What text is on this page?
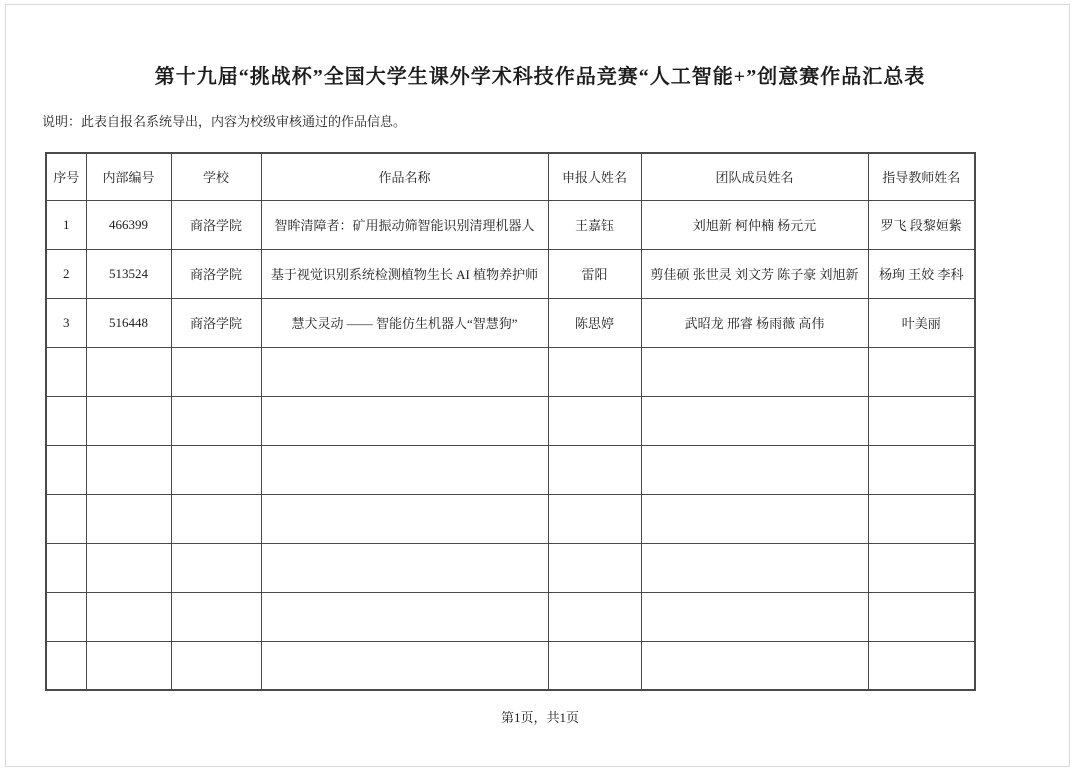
第十九届“挑战杯”全国大学生课外学术科技作品竞赛“人工智能+”创意赛作品汇总表
说明：此表自报名系统导出，内容为校级审核通过的作品信息。
序号	内部编号	学校	作品名称	申报人姓名	团队成员姓名	指导教师姓名
1	466399	商洛学院	智眸清障者：矿用振动筛智能识别清理机器人	王嘉钰	刘旭新 柯仲楠 杨元元	罗飞 段黎姮紫
2	513524	商洛学院	基于视觉识别系统检测植物生长 AI 植物养护师	雷阳	剪佳硕 张世灵 刘文芳 陈子豪 刘旭新	杨珣 王姣 李科
3	516448	商洛学院	慧犬灵动 —— 智能仿生机器人“智慧狗”	陈思婷	武昭龙 邢睿 杨雨薇 高伟	叶美丽

第1页，共1页
